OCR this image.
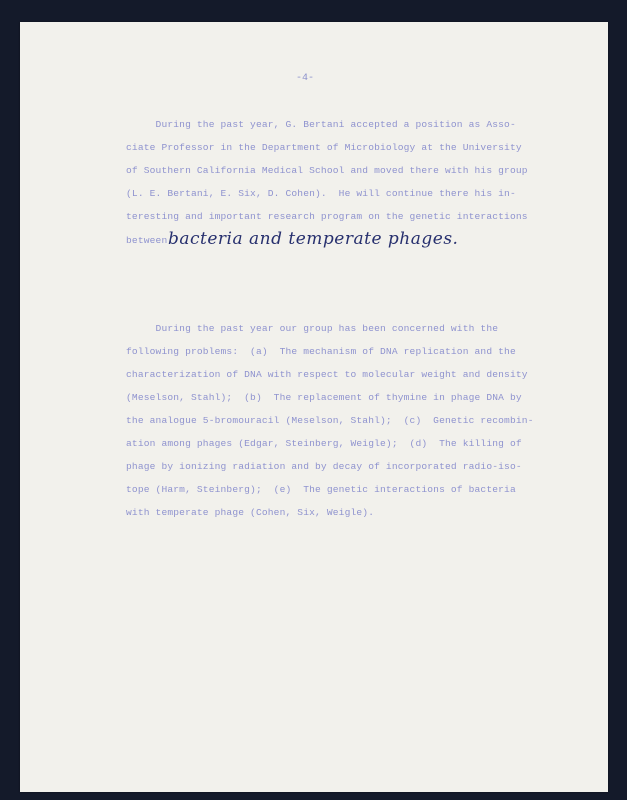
-4-
During the past year, G. Bertani accepted a position as Asso-
ciate Professor in the Department of Microbiology at the University
of Southern California Medical School and moved there with his group
(L. E. Bertani, E. Six, D. Cohen).  He will continue there his in-
teresting and important research program on the genetic interactions
between bacteria and temperate phages.
During the past year our group has been concerned with the
following problems:  (a)  The mechanism of DNA replication and the
characterization of DNA with respect to molecular weight and density
(Meselson, Stahl);  (b)  The replacement of thymine in phage DNA by
the analogue 5-bromouracil (Meselson, Stahl);  (c)  Genetic recombin-
ation among phages (Edgar, Steinberg, Weigle);  (d)  The killing of
phage by ionizing radiation and by decay of incorporated radio-iso-
tope (Harm, Steinberg);  (e)  The genetic interactions of bacteria
with temperate phage (Cohen, Six, Weigle).
